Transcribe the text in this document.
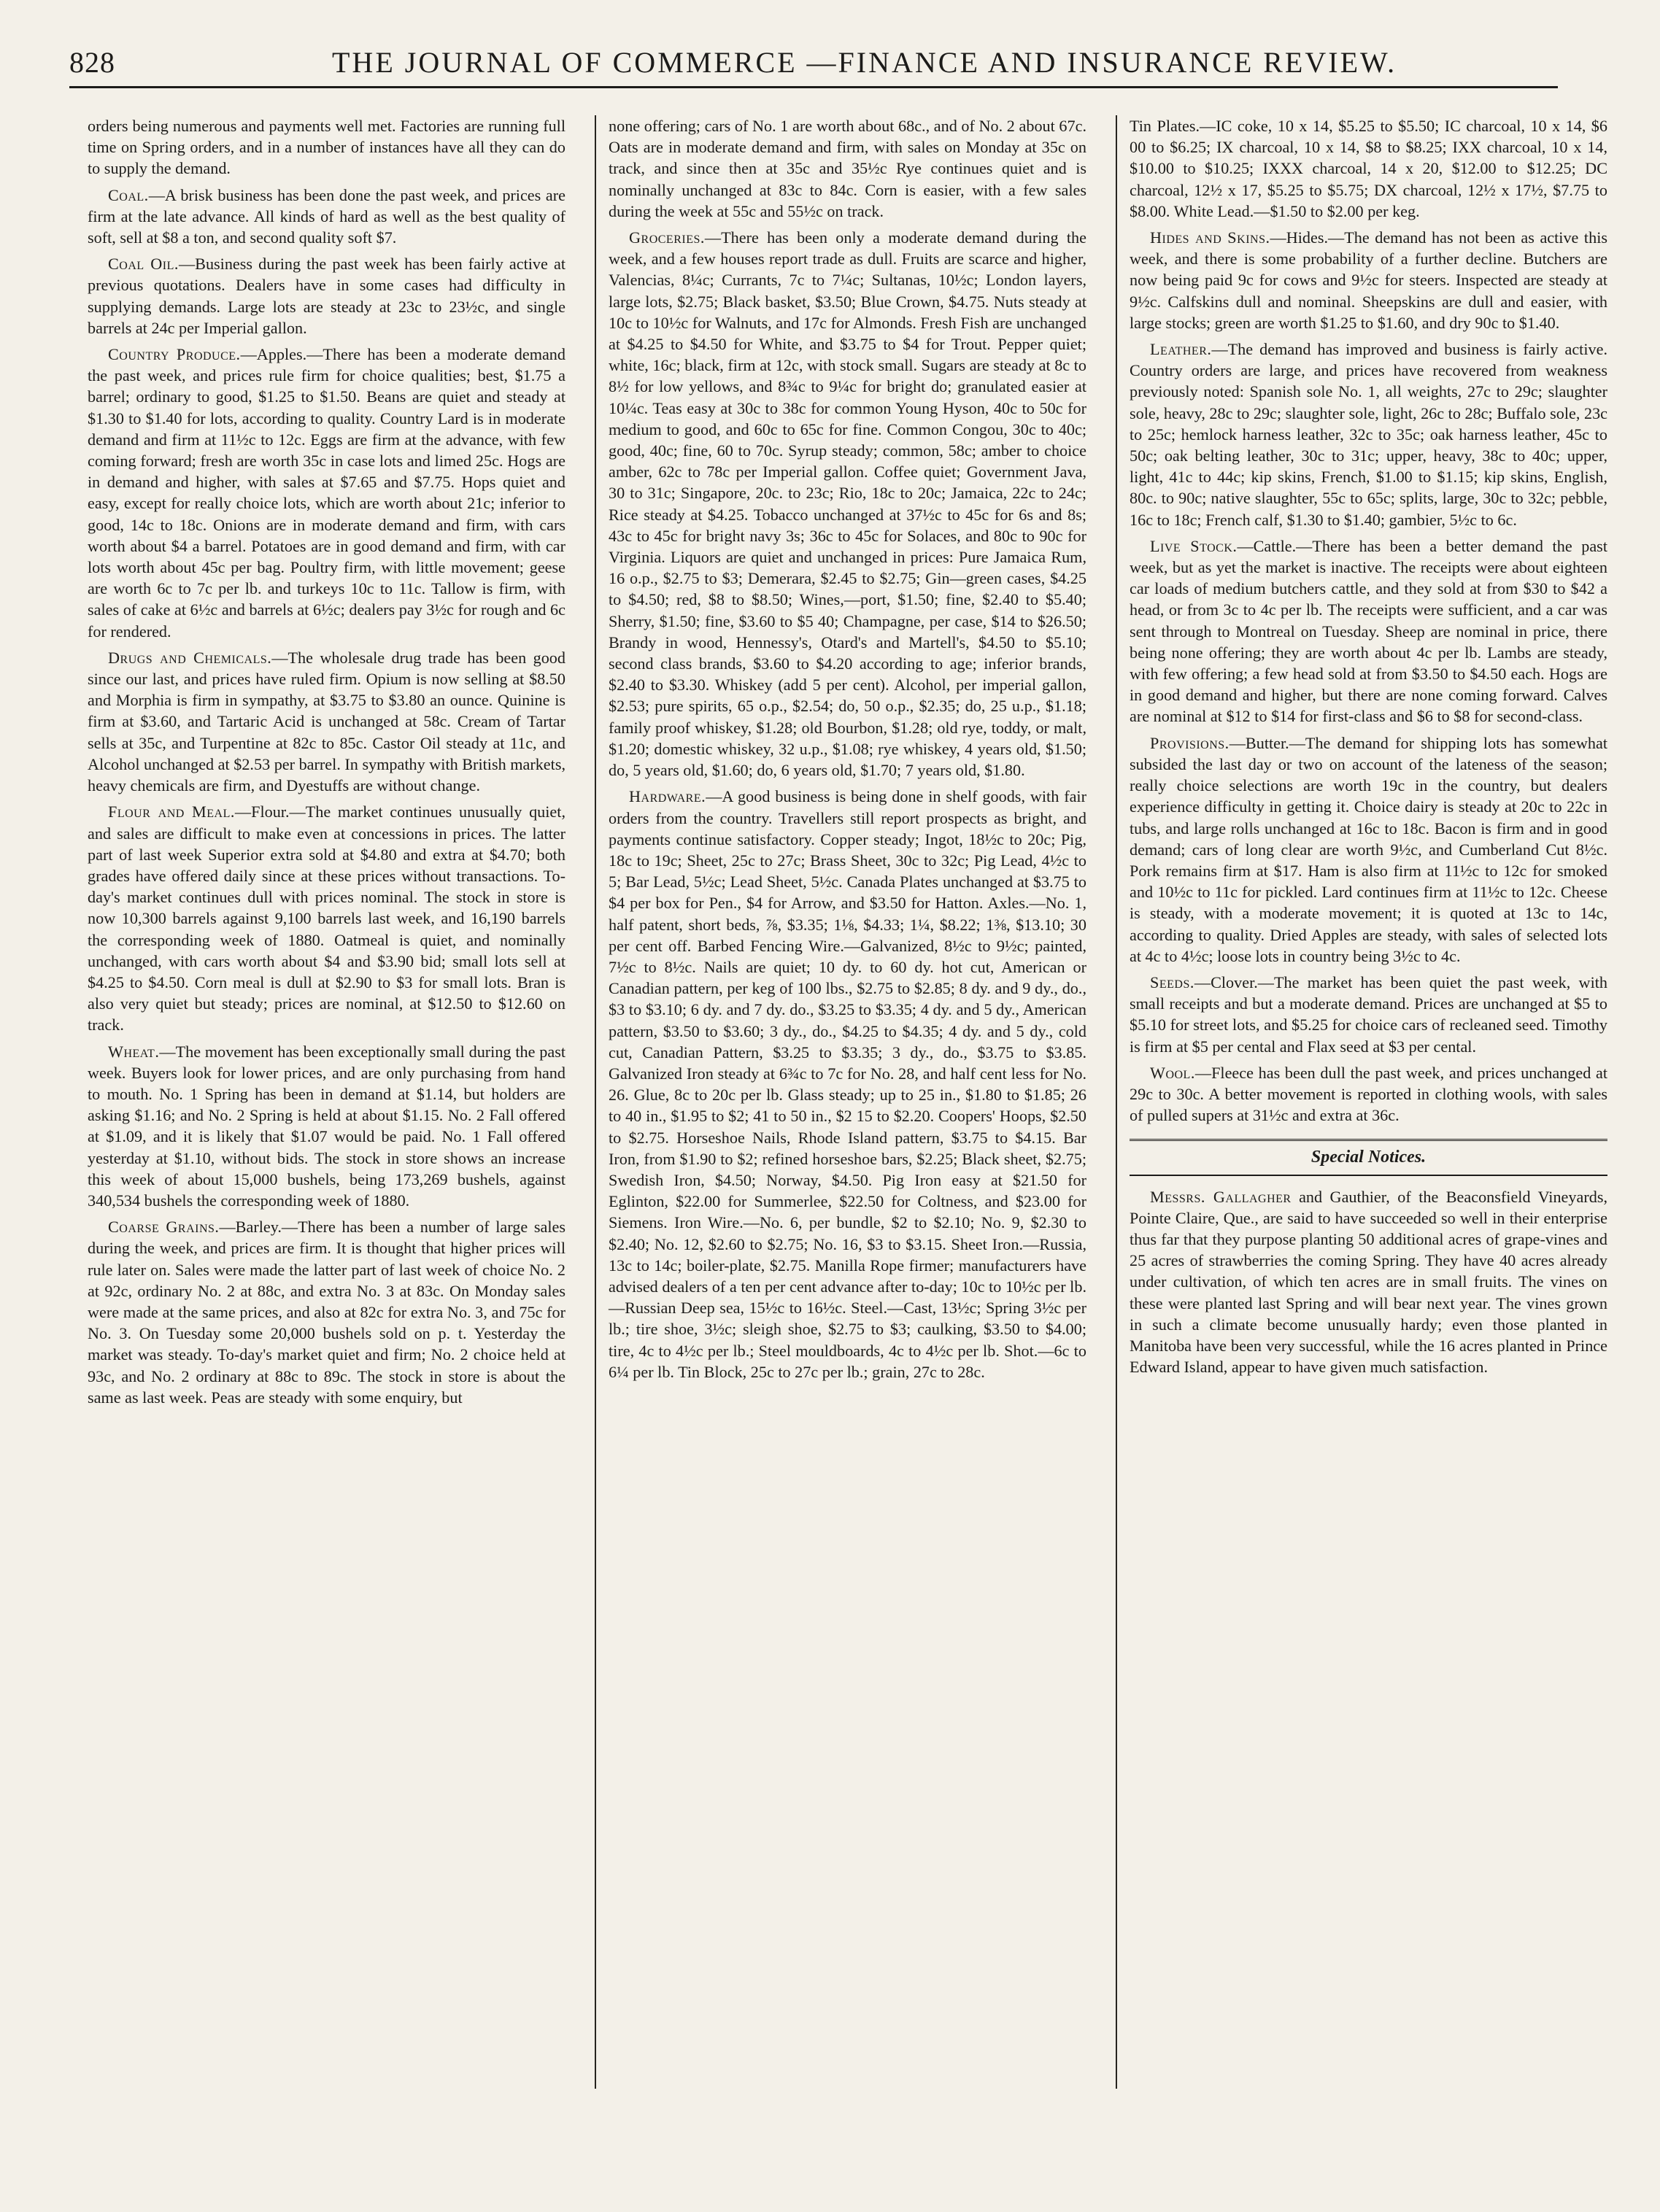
828	THE JOURNAL OF COMMERCE —FINANCE AND INSURANCE REVIEW.

orders being numerous and payments well met. Factories are running full time on Spring orders, and in a number of instances have all they can do to supply the demand.

Coal.—A brisk business has been done the past week, and prices are firm at the late advance. All kinds of hard as well as the best quality of soft, sell at $8 a ton, and second quality soft $7.

Coal Oil.—Business during the past week has been fairly active at previous quotations. Dealers have in some cases had difficulty in supplying demands. Large lots are steady at 23c to 23½c, and single barrels at 24c per Imperial gallon.

Country Produce.—Apples.—There has been a moderate demand the past week, and prices rule firm for choice qualities; best, $1.75 a barrel; ordinary to good, $1.25 to $1.50. Beans are quiet and steady at $1.30 to $1.40 for lots, according to quality. Country Lard is in moderate demand and firm at 11½c to 12c. Eggs are firm at the advance, with few coming forward; fresh are worth 35c in case lots and limed 25c. Hogs are in demand and higher, with sales at $7.65 and $7.75. Hops quiet and easy, except for really choice lots, which are worth about 21c; inferior to good, 14c to 18c. Onions are in moderate demand and firm, with cars worth about $4 a barrel. Potatoes are in good demand and firm, with car lots worth about 45c per bag. Poultry firm, with little movement; geese are worth 6c to 7c per lb. and turkeys 10c to 11c. Tallow is firm, with sales of cake at 6½c and barrels at 6½c; dealers pay 3½c for rough and 6c for rendered.

Drugs and Chemicals.—The wholesale drug trade has been good since our last, and prices have ruled firm. Opium is now selling at $8.50 and Morphia is firm in sympathy, at $3.75 to $3.80 an ounce. Quinine is firm at $3.60, and Tartaric Acid is unchanged at 58c. Cream of Tartar sells at 35c, and Turpentine at 82c to 85c. Castor Oil steady at 11c, and Alcohol unchanged at $2.53 per barrel. In sympathy with British markets, heavy chemicals are firm, and Dyestuffs are without change.

Flour and Meal.—Flour.—The market continues unusually quiet, and sales are difficult to make even at concessions in prices. The latter part of last week Superior extra sold at $4.80 and extra at $4.70; both grades have offered daily since at these prices without transactions. To-day's market continues dull with prices nominal. The stock in store is now 10,300 barrels against 9,100 barrels last week, and 16,190 barrels the corresponding week of 1880. Oatmeal is quiet, and nominally unchanged, with cars worth about $4 and $3.90 bid; small lots sell at $4.25 to $4.50. Corn meal is dull at $2.90 to $3 for small lots. Bran is also very quiet but steady; prices are nominal, at $12.50 to $12.60 on track.

Wheat.—The movement has been exceptionally small during the past week. Buyers look for lower prices, and are only purchasing from hand to mouth. No. 1 Spring has been in demand at $1.14, but holders are asking $1.16; and No. 2 Spring is held at about $1.15. No. 2 Fall offered at $1.09, and it is likely that $1.07 would be paid. No. 1 Fall offered yesterday at $1.10, without bids. The stock in store shows an increase this week of about 15,000 bushels, being 173,269 bushels, against 340,534 bushels the corresponding week of 1880.

Coarse Grains.—Barley.—There has been a number of large sales during the week, and prices are firm. It is thought that higher prices will rule later on. Sales were made the latter part of last week of choice No. 2 at 92c, ordinary No. 2 at 88c, and extra No. 3 at 83c. On Monday sales were made at the same prices, and also at 82c for extra No. 3, and 75c for No. 3. On Tuesday some 20,000 bushels sold on p. t. Yesterday the market was steady. To-day's market quiet and firm; No. 2 choice held at 93c, and No. 2 ordinary at 88c to 89c. The stock in store is about the same as last week. Peas are steady with some enquiry, but

none offering; cars of No. 1 are worth about 68c., and of No. 2 about 67c. Oats are in moderate demand and firm, with sales on Monday at 35c on track, and since then at 35c and 35½c Rye continues quiet and is nominally unchanged at 83c to 84c. Corn is easier, with a few sales during the week at 55c and 55½c on track.

Groceries.—There has been only a moderate demand during the week, and a few houses report trade as dull. Fruits are scarce and higher, Valencias, 8¼c; Currants, 7c to 7¼c; Sultanas, 10½c; London layers, large lots, $2.75; Black basket, $3.50; Blue Crown, $4.75. Nuts steady at 10c to 10½c for Walnuts, and 17c for Almonds. Fresh Fish are unchanged at $4.25 to $4.50 for White, and $3.75 to $4 for Trout. Pepper quiet; white, 16c; black, firm at 12c, with stock small. Sugars are steady at 8c to 8½ for low yellows, and 8¾c to 9¼c for bright do; granulated easier at 10¼c. Teas easy at 30c to 38c for common Young Hyson, 40c to 50c for medium to good, and 60c to 65c for fine. Common Congou, 30c to 40c; good, 40c; fine, 60 to 70c. Syrup steady; common, 58c; amber to choice amber, 62c to 78c per Imperial gallon. Coffee quiet; Government Java, 30 to 31c; Singapore, 20c. to 23c; Rio, 18c to 20c; Jamaica, 22c to 24c; Rice steady at $4.25. Tobacco unchanged at 37½c to 45c for 6s and 8s; 43c to 45c for bright navy 3s; 36c to 45c for Solaces, and 80c to 90c for Virginia. Liquors are quiet and unchanged in prices: Pure Jamaica Rum, 16 o.p., $2.75 to $3; Demerara, $2.45 to $2.75; Gin—green cases, $4.25 to $4.50; red, $8 to $8.50; Wines,—port, $1.50; fine, $2.40 to $5.40; Sherry, $1.50; fine, $3.60 to $5 40; Champagne, per case, $14 to $26.50; Brandy in wood, Hennessy's, Otard's and Martell's, $4.50 to $5.10; second class brands, $3.60 to $4.20 according to age; inferior brands, $2.40 to $3.30. Whiskey (add 5 per cent). Alcohol, per imperial gallon, $2.53; pure spirits, 65 o.p., $2.54; do, 50 o.p., $2.35; do, 25 u.p., $1.18; family proof whiskey, $1.28; old Bourbon, $1.28; old rye, toddy, or malt, $1.20; domestic whiskey, 32 u.p., $1.08; rye whiskey, 4 years old, $1.50; do, 5 years old, $1.60; do, 6 years old, $1.70; 7 years old, $1.80.

Hardware.—A good business is being done in shelf goods, with fair orders from the country. Travellers still report prospects as bright, and payments continue satisfactory. Copper steady; Ingot, 18½c to 20c; Pig, 18c to 19c; Sheet, 25c to 27c; Brass Sheet, 30c to 32c; Pig Lead, 4½c to 5; Bar Lead, 5½c; Lead Sheet, 5½c. Canada Plates unchanged at $3.75 to $4 per box for Pen., $4 for Arrow, and $3.50 for Hatton. Axles.—No. 1, half patent, short beds, ⅞, $3.35; 1⅛, $4.33; 1¼, $8.22; 1⅜, $13.10; 30 per cent off. Barbed Fencing Wire.—Galvanized, 8½c to 9½c; painted, 7½c to 8½c. Nails are quiet; 10 dy. to 60 dy. hot cut, American or Canadian pattern, per keg of 100 lbs., $2.75 to $2.85; 8 dy. and 9 dy., do., $3 to $3.10; 6 dy. and 7 dy. do., $3.25 to $3.35; 4 dy. and 5 dy., American pattern, $3.50 to $3.60; 3 dy., do., $4.25 to $4.35; 4 dy. and 5 dy., cold cut, Canadian Pattern, $3.25 to $3.35; 3 dy., do., $3.75 to $3.85. Galvanized Iron steady at 6¾c to 7c for No. 28, and half cent less for No. 26. Glue, 8c to 20c per lb. Glass steady; up to 25 in., $1.80 to $1.85; 26 to 40 in., $1.95 to $2; 41 to 50 in., $2 15 to $2.20. Coopers' Hoops, $2.50 to $2.75. Horseshoe Nails, Rhode Island pattern, $3.75 to $4.15. Bar Iron, from $1.90 to $2; refined horseshoe bars, $2.25; Black sheet, $2.75; Swedish Iron, $4.50; Norway, $4.50. Pig Iron easy at $21.50 for Eglinton, $22.00 for Summerlee, $22.50 for Coltness, and $23.00 for Siemens. Iron Wire.—No. 6, per bundle, $2 to $2.10; No. 9, $2.30 to $2.40; No. 12, $2.60 to $2.75; No. 16, $3 to $3.15. Sheet Iron.—Russia, 13c to 14c; boiler-plate, $2.75. Manilla Rope firmer; manufacturers have advised dealers of a ten per cent advance after to-day; 10c to 10½c per lb.—Russian Deep sea, 15½c to 16½c. Steel.—Cast, 13½c; Spring 3½c per lb.; tire shoe, 3½c; sleigh shoe, $2.75 to $3; caulking, $3.50 to $4.00; tire, 4c to 4½c per lb.; Steel mouldboards, 4c to 4½c per lb. Shot.—6c to 6¼ per lb. Tin Block, 25c to 27c per lb.; grain, 27c to 28c.

Tin Plates.—IC coke, 10 x 14, $5.25 to $5.50; IC charcoal, 10 x 14, $6 00 to $6.25; IX charcoal, 10 x 14, $8 to $8.25; IXX charcoal, 10 x 14, $10.00 to $10.25; IXXX charcoal, 14 x 20, $12.00 to $12.25; DC charcoal, 12½ x 17, $5.25 to $5.75; DX charcoal, 12½ x 17½, $7.75 to $8.00. White Lead.—$1.50 to $2.00 per keg.

Hides and Skins.—Hides.—The demand has not been as active this week, and there is some probability of a further decline. Butchers are now being paid 9c for cows and 9½c for steers. Inspected are steady at 9½c. Calfskins dull and nominal. Sheepskins are dull and easier, with large stocks; green are worth $1.25 to $1.60, and dry 90c to $1.40.

Leather.—The demand has improved and business is fairly active. Country orders are large, and prices have recovered from weakness previously noted: Spanish sole No. 1, all weights, 27c to 29c; slaughter sole, heavy, 28c to 29c; slaughter sole, light, 26c to 28c; Buffalo sole, 23c to 25c; hemlock harness leather, 32c to 35c; oak harness leather, 45c to 50c; oak belting leather, 30c to 31c; upper, heavy, 38c to 40c; upper, light, 41c to 44c; kip skins, French, $1.00 to $1.15; kip skins, English, 80c. to 90c; native slaughter, 55c to 65c; splits, large, 30c to 32c; pebble, 16c to 18c; French calf, $1.30 to $1.40; gambier, 5½c to 6c.

Live Stock.—Cattle.—There has been a better demand the past week, but as yet the market is inactive. The receipts were about eighteen car loads of medium butchers cattle, and they sold at from $30 to $42 a head, or from 3c to 4c per lb. The receipts were sufficient, and a car was sent through to Montreal on Tuesday. Sheep are nominal in price, there being none offering; they are worth about 4c per lb. Lambs are steady, with few offering; a few head sold at from $3.50 to $4.50 each. Hogs are in good demand and higher, but there are none coming forward. Calves are nominal at $12 to $14 for first-class and $6 to $8 for second-class.

Provisions.—Butter.—The demand for shipping lots has somewhat subsided the last day or two on account of the lateness of the season; really choice selections are worth 19c in the country, but dealers experience difficulty in getting it. Choice dairy is steady at 20c to 22c in tubs, and large rolls unchanged at 16c to 18c. Bacon is firm and in good demand; cars of long clear are worth 9½c, and Cumberland Cut 8½c. Pork remains firm at $17. Ham is also firm at 11½c to 12c for smoked and 10½c to 11c for pickled. Lard continues firm at 11½c to 12c. Cheese is steady, with a moderate movement; it is quoted at 13c to 14c, according to quality. Dried Apples are steady, with sales of selected lots at 4c to 4½c; loose lots in country being 3½c to 4c.

Seeds.—Clover.—The market has been quiet the past week, with small receipts and but a moderate demand. Prices are unchanged at $5 to $5.10 for street lots, and $5.25 for choice cars of recleaned seed. Timothy is firm at $5 per cental and Flax seed at $3 per cental.

Wool.—Fleece has been dull the past week, and prices unchanged at 29c to 30c. A better movement is reported in clothing wools, with sales of pulled supers at 31½c and extra at 36c.

Special Notices.

Messrs. Gallagher and Gauthier, of the Beaconsfield Vineyards, Pointe Claire, Que., are said to have succeeded so well in their enterprise thus far that they purpose planting 50 additional acres of grape-vines and 25 acres of strawberries the coming Spring. They have 40 acres already under cultivation, of which ten acres are in small fruits. The vines on these were planted last Spring and will bear next year. The vines grown in such a climate become unusually hardy; even those planted in Manitoba have been very successful, while the 16 acres planted in Prince Edward Island, appear to have given much satisfaction.
